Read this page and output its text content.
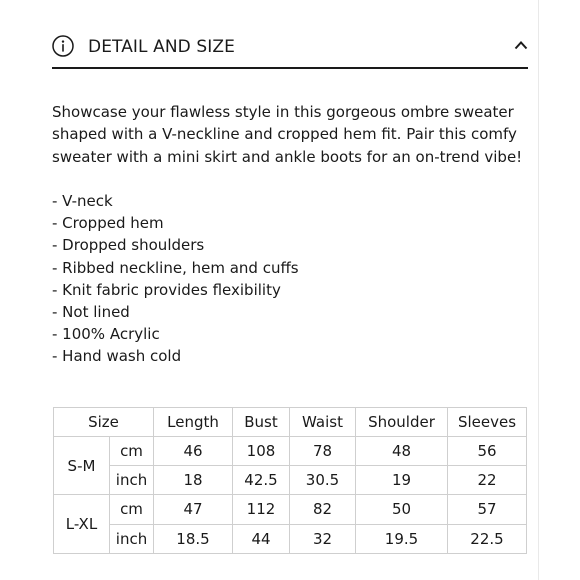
DETAIL AND SIZE

Showcase your flawless style in this gorgeous ombre sweater shaped with a V-neckline and cropped hem fit. Pair this comfy sweater with a mini skirt and ankle boots for an on-trend vibe!

- V-neck
- Cropped hem
- Dropped shoulders
- Ribbed neckline, hem and cuffs
- Knit fabric provides flexibility
- Not lined
- 100% Acrylic
- Hand wash cold
Size		Length	Bust	Waist	Shoulder	Sleeves
S-M	cm	46	108	78	48	56
	inch	18	42.5	30.5	19	22
L-XL	cm	47	112	82	50	57
	inch	18.5	44	32	19.5	22.5
